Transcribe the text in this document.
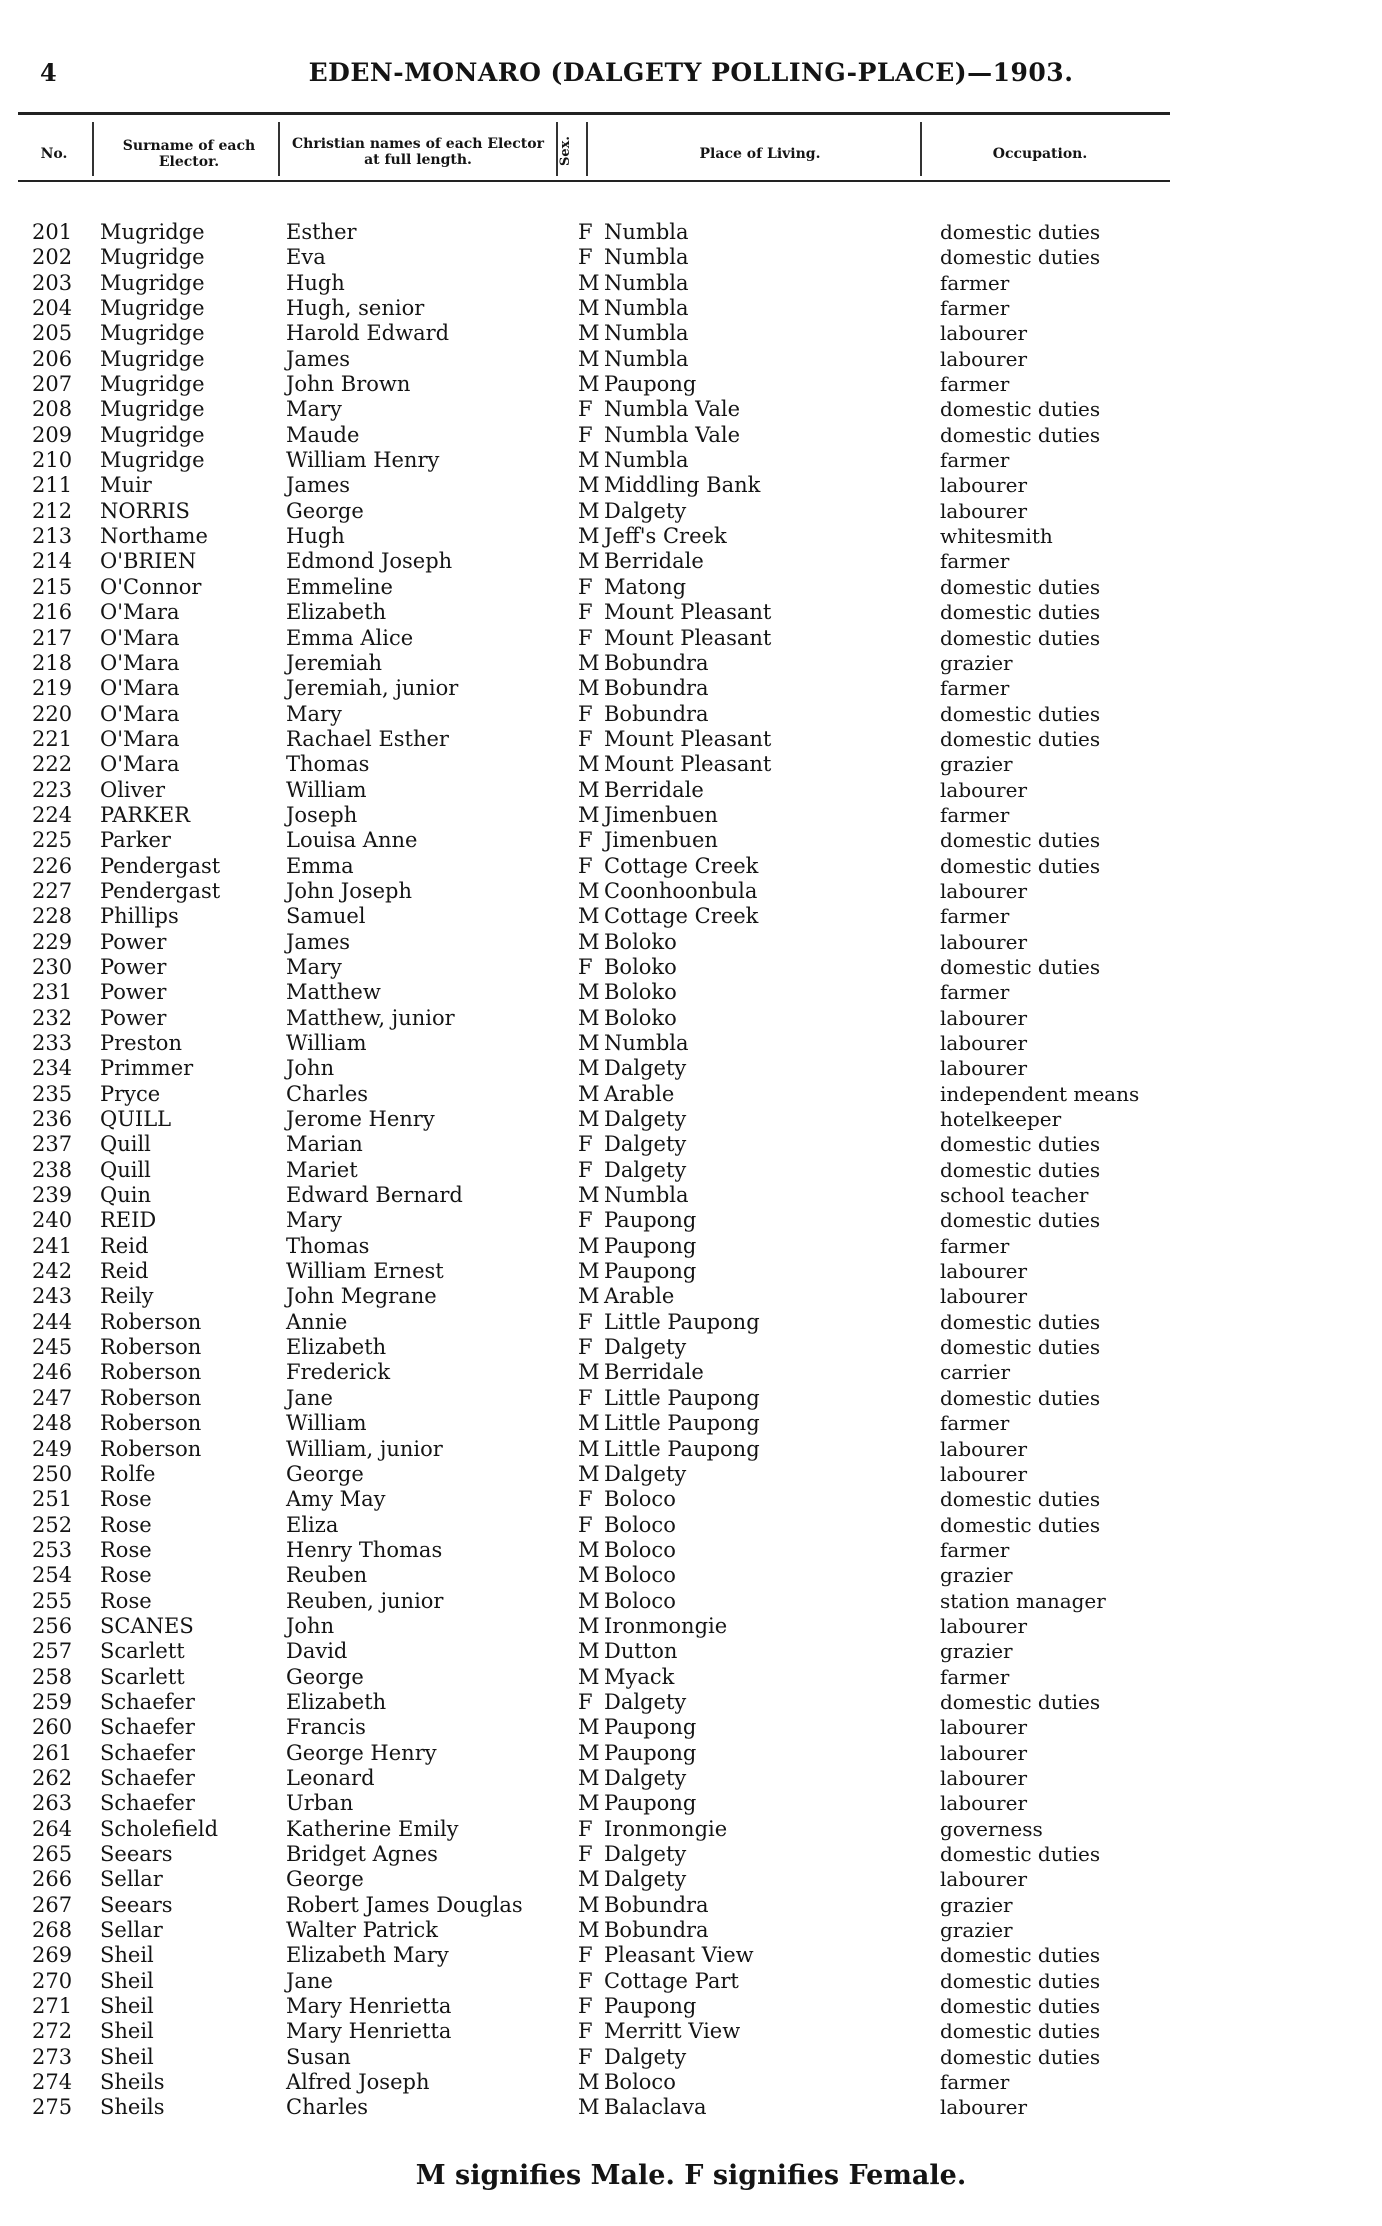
4	EDEN-MONARO (DALGETY POLLING-PLACE)—1903.
No.	Surname of each Elector.
Christian names of each Elector at full length.	Sex.	Place of Living.	Occupation.
201	Mugridge	Esther	F Numbla	domestic duties
202	Mugridge	Eva	F Numbla	domestic duties
203	Mugridge	Hugh	M Numbla	farmer
204	Mugridge	Hugh, senior	M Numbla	farmer
205	Mugridge	Harold Edward	M Numbla	labourer
206	Mugridge	James	M Numbla	labourer
207	Mugridge	John Brown	M Paupong	farmer
208	Mugridge	Mary	F Numbla Vale	domestic duties
209	Mugridge	Maude	F Numbla Vale	domestic duties
210	Mugridge	William Henry	M Numbla	farmer
211	Muir	James	M Middling Bank	labourer
212	NORRIS	George	M Dalgety	labourer
213	Northame	Hugh	M Jeff's Creek	whitesmith
214	O'BRIEN	Edmond Joseph	M Berridale	farmer
215	O'Connor	Emmeline	F Matong	domestic duties
216	O'Mara	Elizabeth	F Mount Pleasant	domestic duties
217	O'Mara	Emma Alice	F Mount Pleasant	domestic duties
218	O'Mara	Jeremiah	M Bobundra	grazier
219	O'Mara	Jeremiah, junior	M Bobundra	farmer
220	O'Mara	Mary	F Bobundra	domestic duties
221	O'Mara	Rachael Esther	F Mount Pleasant	domestic duties
222	O'Mara	Thomas	M Mount Pleasant	grazier
223	Oliver	William	M Berridale	labourer
224	PARKER	Joseph	M Jimenbuen	farmer
225	Parker	Louisa Anne	F Jimenbuen	domestic duties
226	Pendergast	Emma	F Cottage Creek	domestic duties
227	Pendergast	John Joseph	M Coonhoonbula	labourer
228	Phillips	Samuel	M Cottage Creek	farmer
229	Power	James	M Boloko	labourer
230	Power	Mary	F Boloko	domestic duties
231	Power	Matthew	M Boloko	farmer
232	Power	Matthew, junior	M Boloko	labourer
233	Preston	William	M Numbla	labourer
234	Primmer	John	M Dalgety	labourer
235	Pryce	Charles	M Arable	independent means
236	QUILL	Jerome Henry	M Dalgety	hotelkeeper
237	Quill	Marian	F Dalgety	domestic duties
238	Quill	Mariet	F Dalgety	domestic duties
239	Quin	Edward Bernard	M Numbla	school teacher
240	REID	Mary	F Paupong	domestic duties
241	Reid	Thomas	M Paupong	farmer
242	Reid	William Ernest	M Paupong	labourer
243	Reily	John Megrane	M Arable	labourer
244	Roberson	Annie	F Little Paupong	domestic duties
245	Roberson	Elizabeth	F Dalgety	domestic duties
246	Roberson	Frederick	M Berridale	carrier
247	Roberson	Jane	F Little Paupong	domestic duties
248	Roberson	William	M Little Paupong	farmer
249	Roberson	William, junior	M Little Paupong	labourer
250	Rolfe	George	M Dalgety	labourer
251	Rose	Amy May	F Boloco	domestic duties
252	Rose	Eliza	F Boloco	domestic duties
253	Rose	Henry Thomas	M Boloco	farmer
254	Rose	Reuben	M Boloco	grazier
255	Rose	Reuben, junior	M Boloco	station manager
256	SCANES	John	M Ironmongie	labourer
257	Scarlett	David	M Dutton	grazier
258	Scarlett	George	M Myack	farmer
259	Schaefer	Elizabeth	F Dalgety	domestic duties
260	Schaefer	Francis	M Paupong	labourer
261	Schaefer	George Henry	M Paupong	labourer
262	Schaefer	Leonard	M Dalgety	labourer
263	Schaefer	Urban	M Paupong	labourer
264	Scholefield	Katherine Emily	F Ironmongie	governess
265	Seears	Bridget Agnes	F Dalgety	domestic duties
266	Sellar	George	M Dalgety	labourer
267	Seears	Robert James Douglas	M Bobundra	grazier
268	Sellar	Walter Patrick	M Bobundra	grazier
269	Sheil	Elizabeth Mary	F Pleasant View	domestic duties
270	Sheil	Jane	F Cottage Part	domestic duties
271	Sheil	Mary Henrietta	F Paupong	domestic duties
272	Sheil	Mary Henrietta	F Merritt View	domestic duties
273	Sheil	Susan	F Dalgety	domestic duties
274	Sheils	Alfred Joseph	M Boloco	farmer
275	Sheils	Charles	M Balaclava	labourer
M signifies Male. F signifies Female.
